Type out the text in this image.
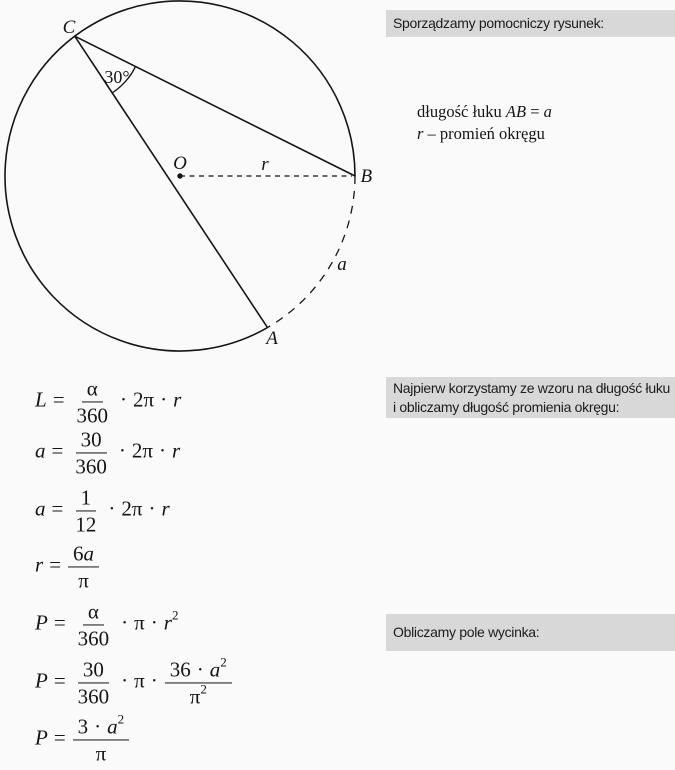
C
O	r
B
a
A
30°
Sporządzamy pomocniczy rysunek:
długość łuku AB = a
r – promień okręgu
Najpierw korzystamy ze wzoru na długość łuku
i obliczamy długość promienia okręgu:
Obliczamy pole wycinka:
$L = \frac{\alpha}{360} \cdot 2\pi \cdot r$
$a = \frac{30}{360} \cdot 2\pi \cdot r$
$a = \frac{1}{12} \cdot 2\pi \cdot r$
$r = \frac{6a}{\pi}$
$P = \frac{\alpha}{360} \cdot \pi \cdot r^2$
$P = \frac{30}{360} \cdot \pi \cdot \frac{36 \cdot a^2}{\pi^2}$
$P = \frac{3 \cdot a^2}{\pi}$
